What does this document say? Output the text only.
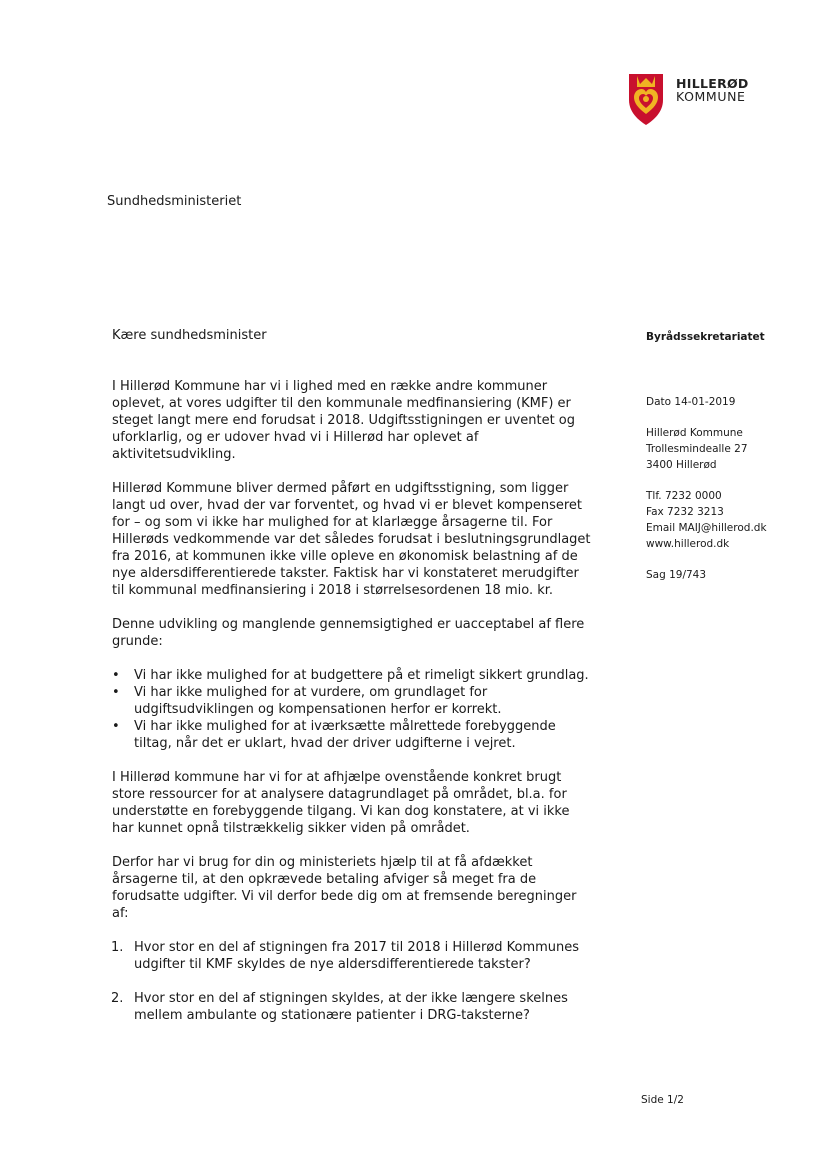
HILLERØD
KOMMUNE
Sundhedsministeriet
Kære sundhedsminister	Byrådssekretariatet
Dato 14-01-2019
Hillerød Kommune
Trollesmindealle 27
3400 Hillerød
Tlf. 7232 0000
Fax 7232 3213
Email MAIJ@hillerod.dk
www.hillerod.dk
Sag 19/743
I Hillerød Kommune har vi i lighed med en række andre kommuner
oplevet, at vores udgifter til den kommunale medfinansiering (KMF) er
steget langt mere end forudsat i 2018. Udgiftsstigningen er uventet og
uforklarlig, og er udover hvad vi i Hillerød har oplevet af
aktivitetsudvikling.
Hillerød Kommune bliver dermed påført en udgiftsstigning, som ligger
langt ud over, hvad der var forventet, og hvad vi er blevet kompenseret
for – og som vi ikke har mulighed for at klarlægge årsagerne til. For
Hillerøds vedkommende var det således forudsat i beslutningsgrundlaget
fra 2016, at kommunen ikke ville opleve en økonomisk belastning af de
nye aldersdifferentierede takster. Faktisk har vi konstateret merudgifter
til kommunal medfinansiering i 2018 i størrelsesordenen 18 mio. kr.
Denne udvikling og manglende gennemsigtighed er uacceptabel af flere
grunde:
• Vi har ikke mulighed for at budgettere på et rimeligt sikkert grundlag.
• Vi har ikke mulighed for at vurdere, om grundlaget for
udgiftsudviklingen og kompensationen herfor er korrekt.
• Vi har ikke mulighed for at iværksætte målrettede forebyggende
tiltag, når det er uklart, hvad der driver udgifterne i vejret.
I Hillerød kommune har vi for at afhjælpe ovenstående konkret brugt
store ressourcer for at analysere datagrundlaget på området, bl.a. for
understøtte en forebyggende tilgang. Vi kan dog konstatere, at vi ikke
har kunnet opnå tilstrækkelig sikker viden på området.
Derfor har vi brug for din og ministeriets hjælp til at få afdækket
årsagerne til, at den opkrævede betaling afviger så meget fra de
forudsatte udgifter. Vi vil derfor bede dig om at fremsende beregninger
af:
1. Hvor stor en del af stigningen fra 2017 til 2018 i Hillerød Kommunes
udgifter til KMF skyldes de nye aldersdifferentierede takster?
2. Hvor stor en del af stigningen skyldes, at der ikke længere skelnes
mellem ambulante og stationære patienter i DRG-taksterne?
Side 1/2
